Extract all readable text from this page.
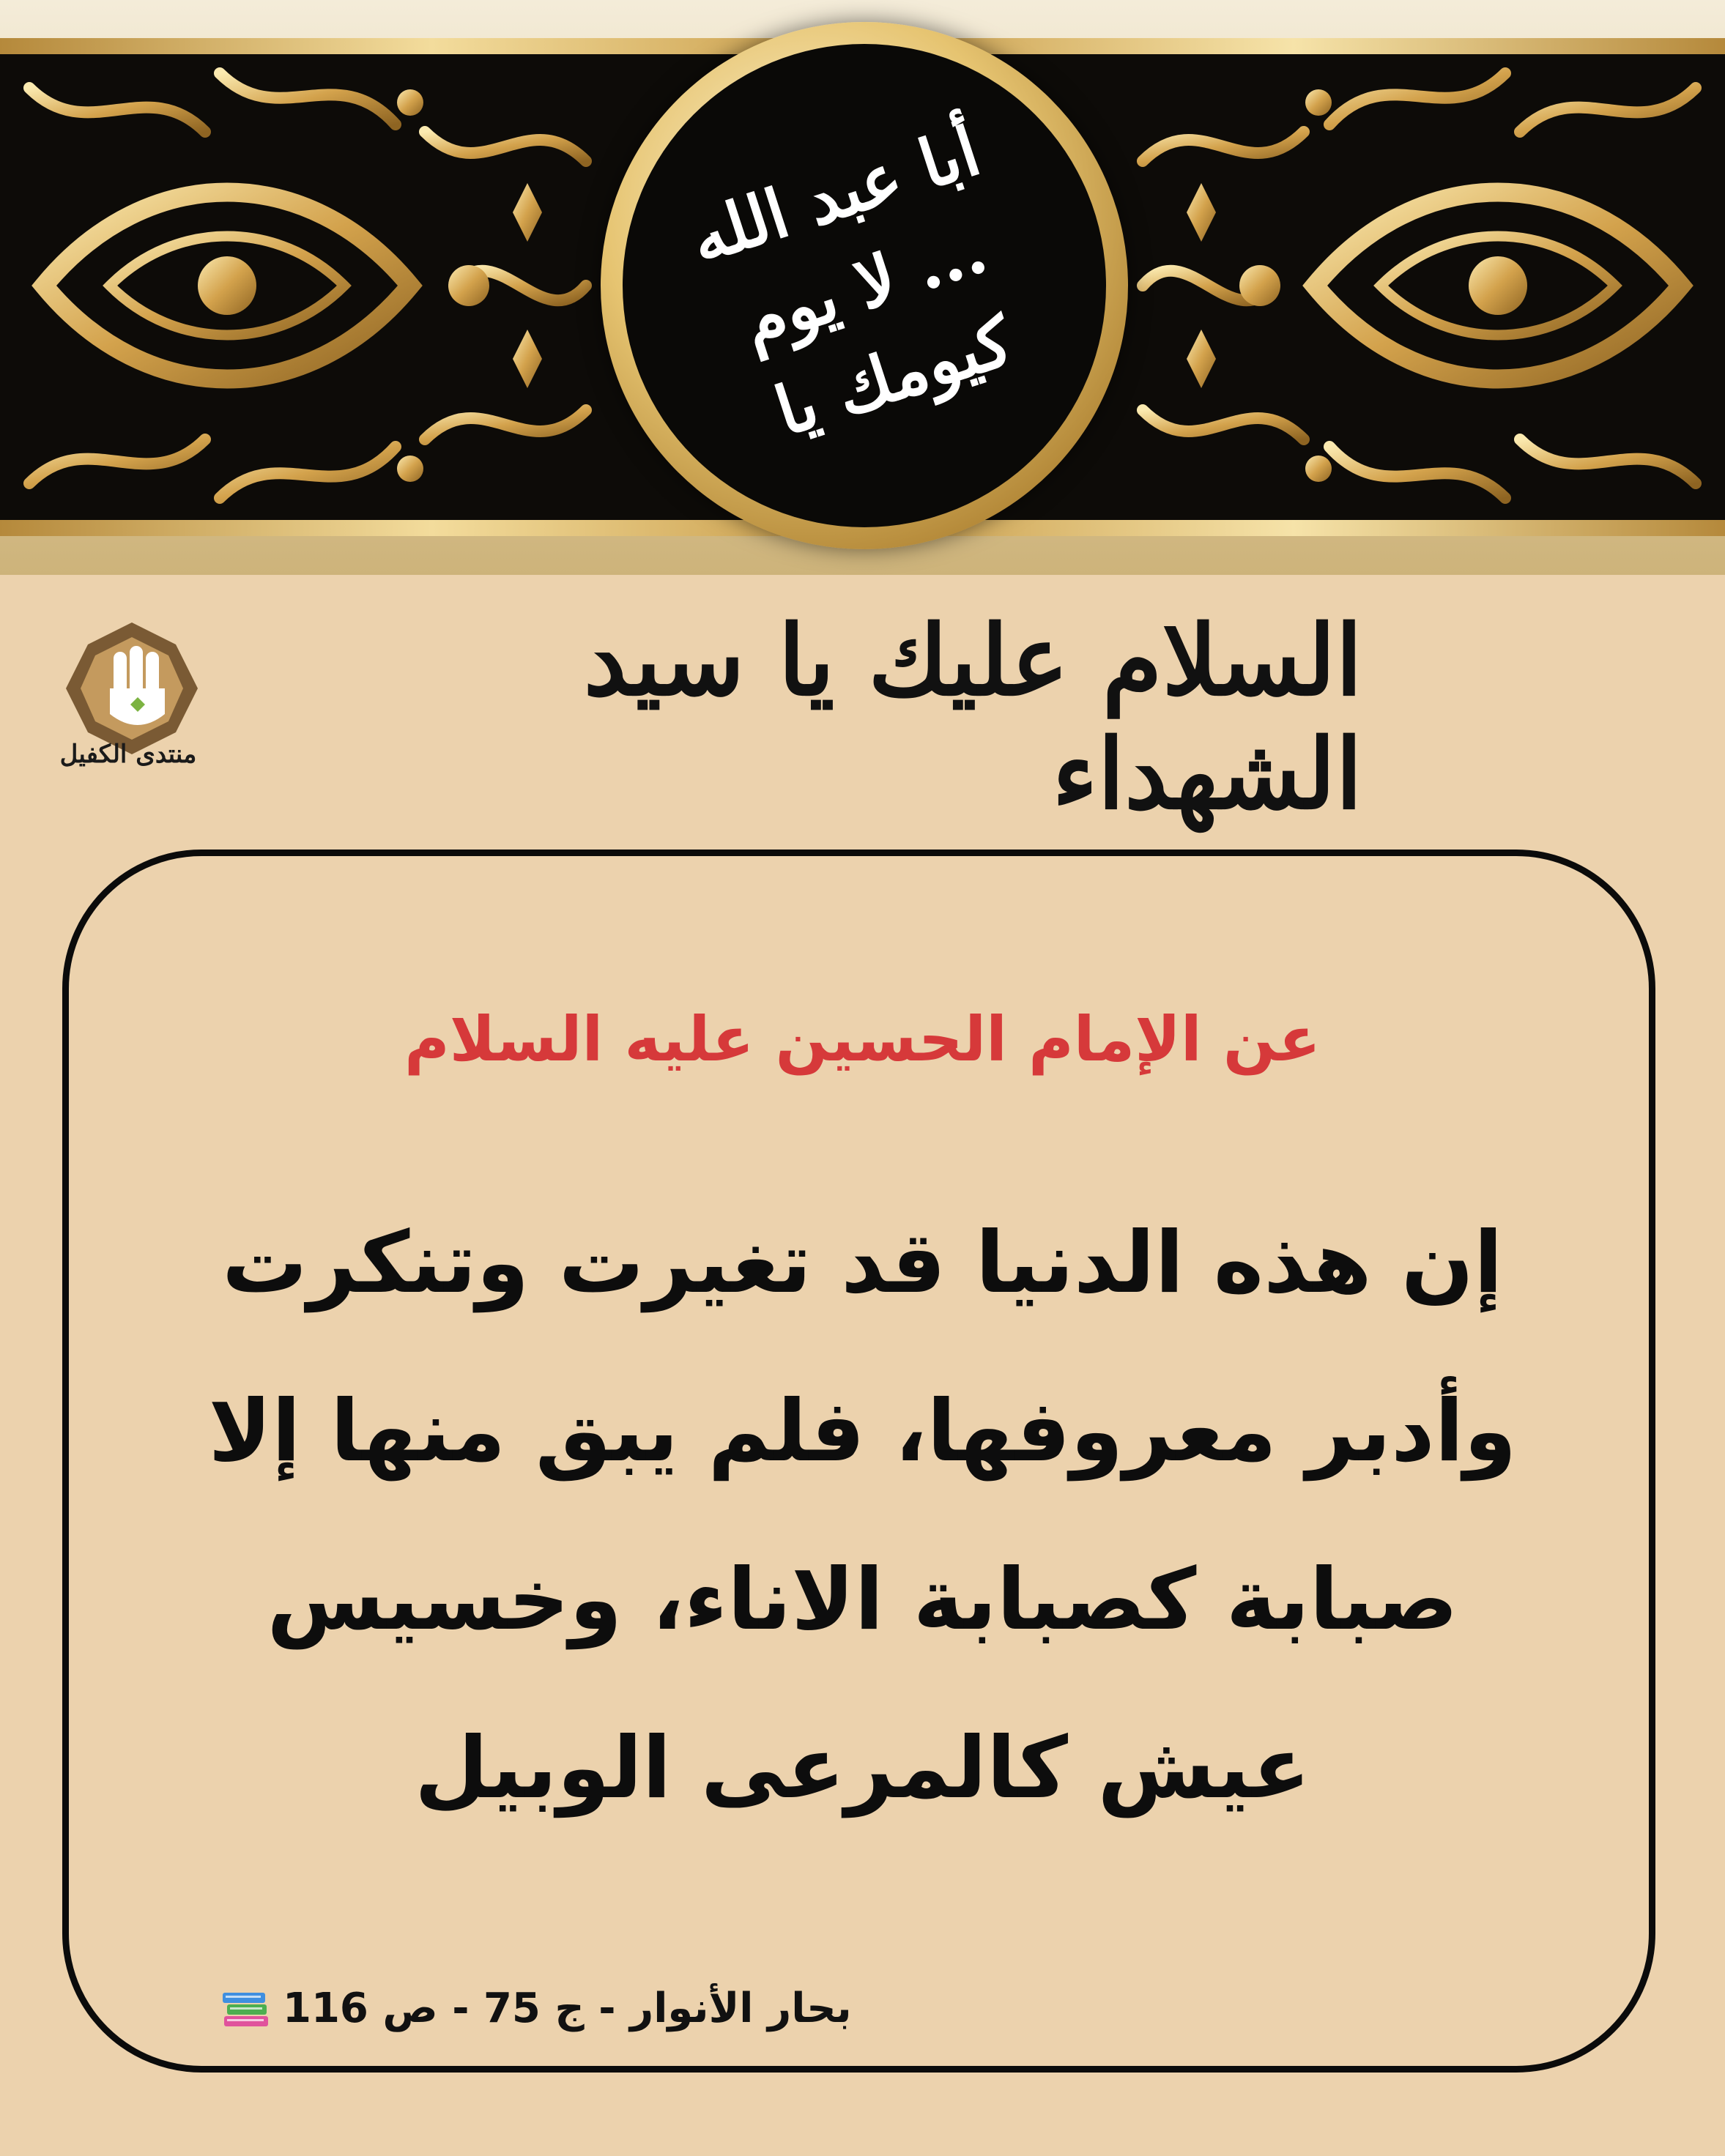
أبا عبد الله ... لا يوم كيومك يا
منتدى الكفيل
السلام عليك يا سيد الشهداء
عن الإمام الحسين عليه السلام
إن هذه الدنيا قد تغيرت وتنكرت
وأدبر معروفها، فلم يبق منها إلا
صبابة كصبابة الاناء، وخسيس
عيش كالمرعى الوبيل
بحار الأنوار - ج 75 - ص 116
